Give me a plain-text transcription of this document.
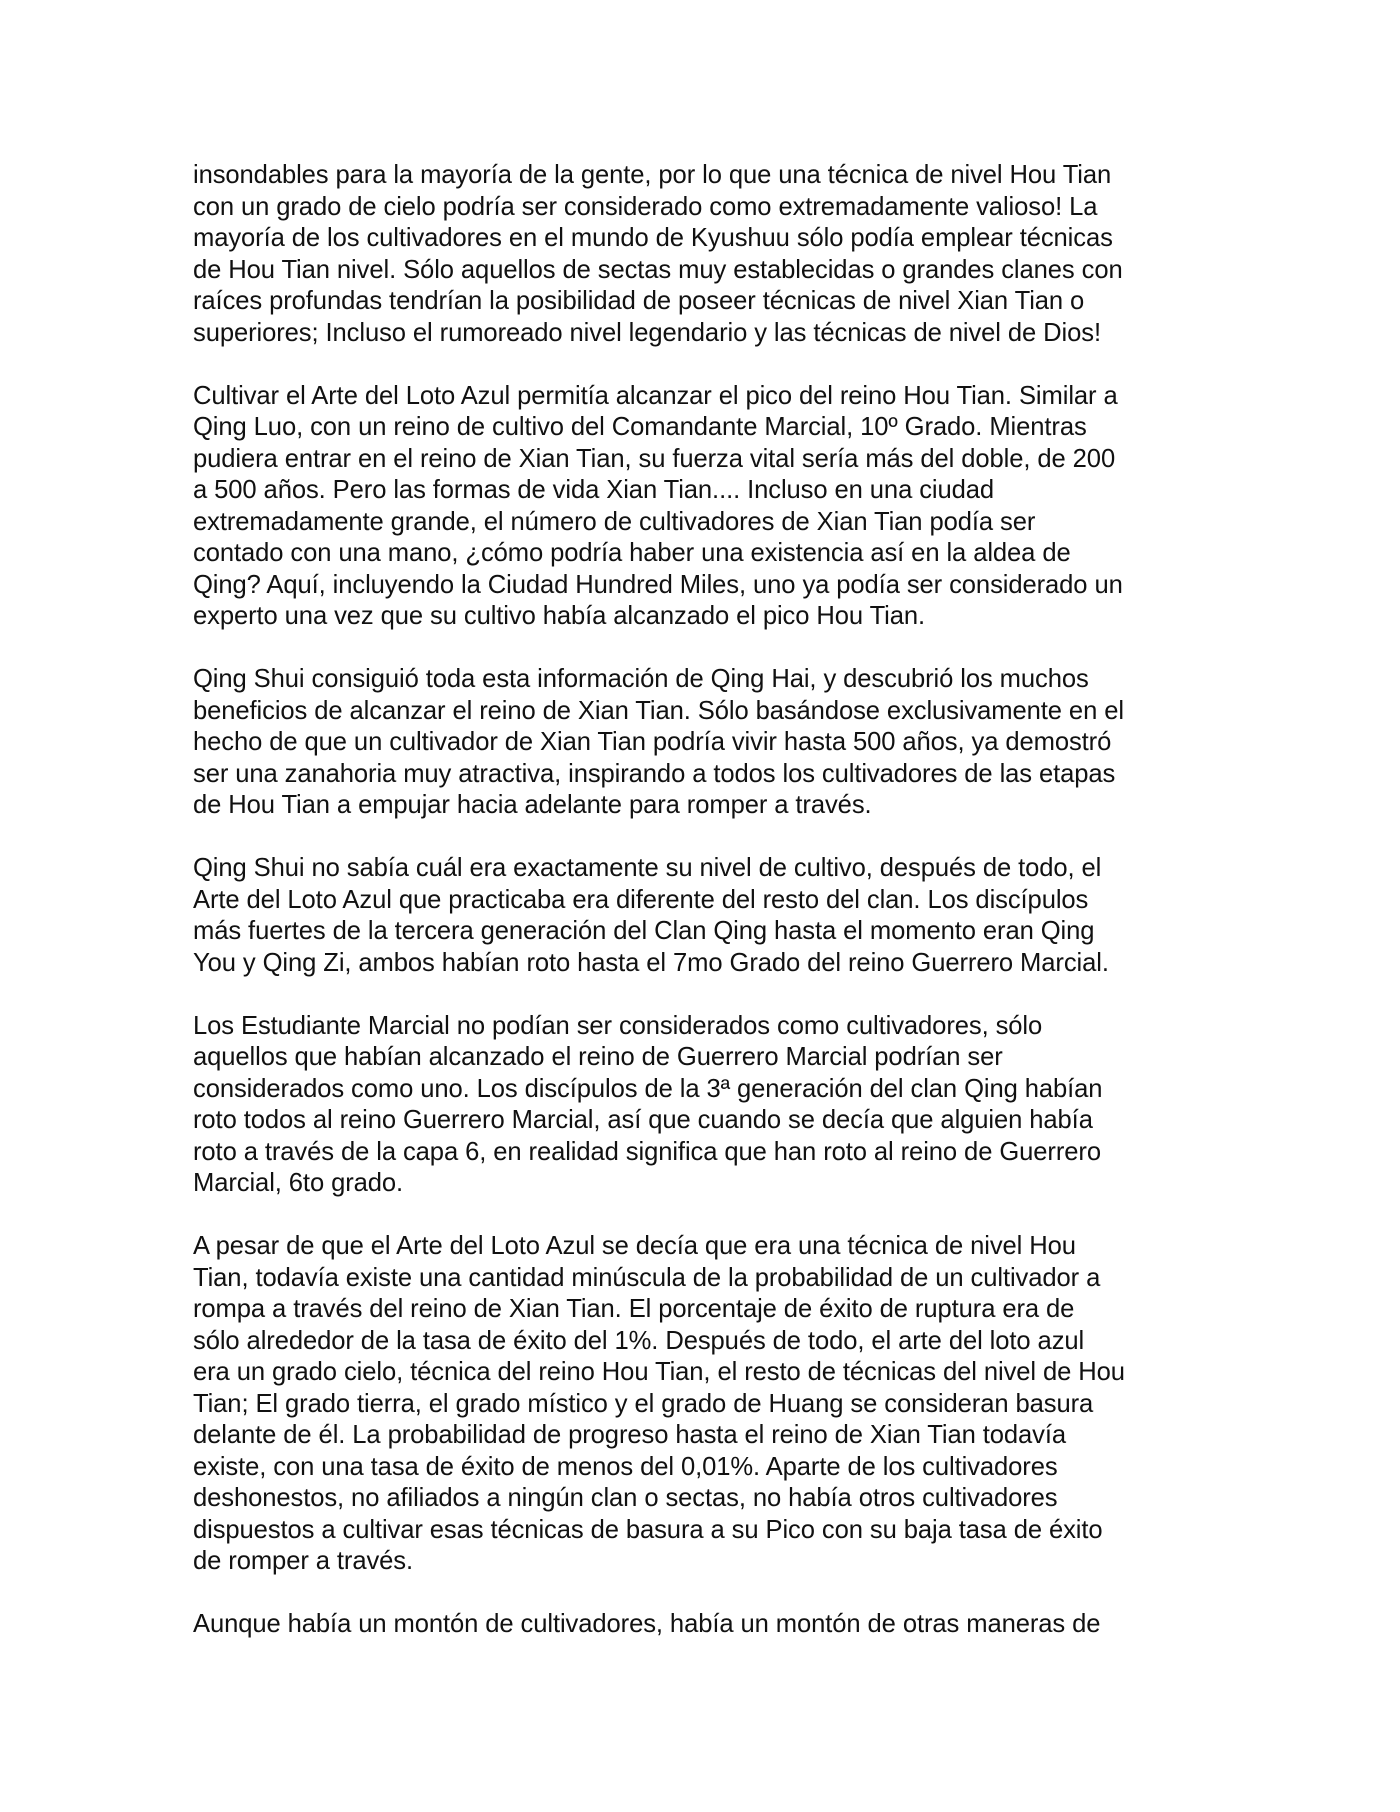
insondables para la mayoría de la gente, por lo que una técnica de nivel Hou Tian
con un grado de cielo podría ser considerado como extremadamente valioso! La
mayoría de los cultivadores en el mundo de Kyushuu sólo podía emplear técnicas
de Hou Tian nivel. Sólo aquellos de sectas muy establecidas o grandes clanes con
raíces profundas tendrían la posibilidad de poseer técnicas de nivel Xian Tian o
superiores; Incluso el rumoreado nivel legendario y las técnicas de nivel de Dios!

Cultivar el Arte del Loto Azul permitía alcanzar el pico del reino Hou Tian. Similar a
Qing Luo, con un reino de cultivo del Comandante Marcial, 10º Grado. Mientras
pudiera entrar en el reino de Xian Tian, su fuerza vital sería más del doble, de 200
a 500 años. Pero las formas de vida Xian Tian.... Incluso en una ciudad
extremadamente grande, el número de cultivadores de Xian Tian podía ser
contado con una mano, ¿cómo podría haber una existencia así en la aldea de
Qing? Aquí, incluyendo la Ciudad Hundred Miles, uno ya podía ser considerado un
experto una vez que su cultivo había alcanzado el pico Hou Tian.

Qing Shui consiguió toda esta información de Qing Hai, y descubrió los muchos
beneficios de alcanzar el reino de Xian Tian. Sólo basándose exclusivamente en el
hecho de que un cultivador de Xian Tian podría vivir hasta 500 años, ya demostró
ser una zanahoria muy atractiva, inspirando a todos los cultivadores de las etapas
de Hou Tian a empujar hacia adelante para romper a través.

Qing Shui no sabía cuál era exactamente su nivel de cultivo, después de todo, el
Arte del Loto Azul que practicaba era diferente del resto del clan. Los discípulos
más fuertes de la tercera generación del Clan Qing hasta el momento eran Qing
You y Qing Zi, ambos habían roto hasta el 7mo Grado del reino Guerrero Marcial.

Los Estudiante Marcial no podían ser considerados como cultivadores, sólo
aquellos que habían alcanzado el reino de Guerrero Marcial podrían ser
considerados como uno. Los discípulos de la 3ª generación del clan Qing habían
roto todos al reino Guerrero Marcial, así que cuando se decía que alguien había
roto a través de la capa 6, en realidad significa que han roto al reino de Guerrero
Marcial, 6to grado.

A pesar de que el Arte del Loto Azul se decía que era una técnica de nivel Hou
Tian, todavía existe una cantidad minúscula de la probabilidad de un cultivador a
rompa a través del reino de Xian Tian. El porcentaje de éxito de ruptura era de
sólo alrededor de la tasa de éxito del 1%. Después de todo, el arte del loto azul
era un grado cielo, técnica del reino Hou Tian, el resto de técnicas del nivel de Hou
Tian; El grado tierra, el grado místico y el grado de Huang se consideran basura
delante de él. La probabilidad de progreso hasta el reino de Xian Tian todavía
existe, con una tasa de éxito de menos del 0,01%. Aparte de los cultivadores
deshonestos, no afiliados a ningún clan o sectas, no había otros cultivadores
dispuestos a cultivar esas técnicas de basura a su Pico con su baja tasa de éxito
de romper a través.

Aunque había un montón de cultivadores, había un montón de otras maneras de
